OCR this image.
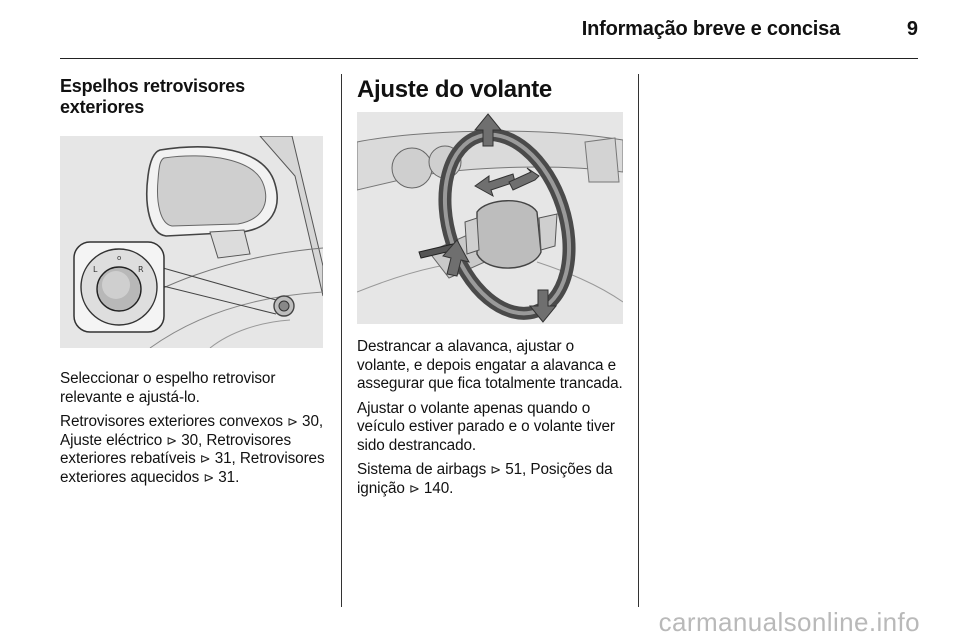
Informação breve e concisa	9
Espelhos retrovisores exteriores
L
o
R

Seleccionar o espelho retrovisor relevante e ajustá-lo.

Retrovisores exteriores convexos ⊳ 30, Ajuste eléctrico ⊳ 30, Retrovisores exteriores rebatíveis ⊳ 31, Retrovisores exteriores aquecidos ⊳ 31.

Ajuste do volante

Destrancar a alavanca, ajustar o volante, e depois engatar a alavanca e assegurar que fica totalmente trancada.

Ajustar o volante apenas quando o veículo estiver parado e o volante tiver sido destrancado.

Sistema de airbags ⊳ 51, Posições da ignição ⊳ 140.

carmanualsonline.info
